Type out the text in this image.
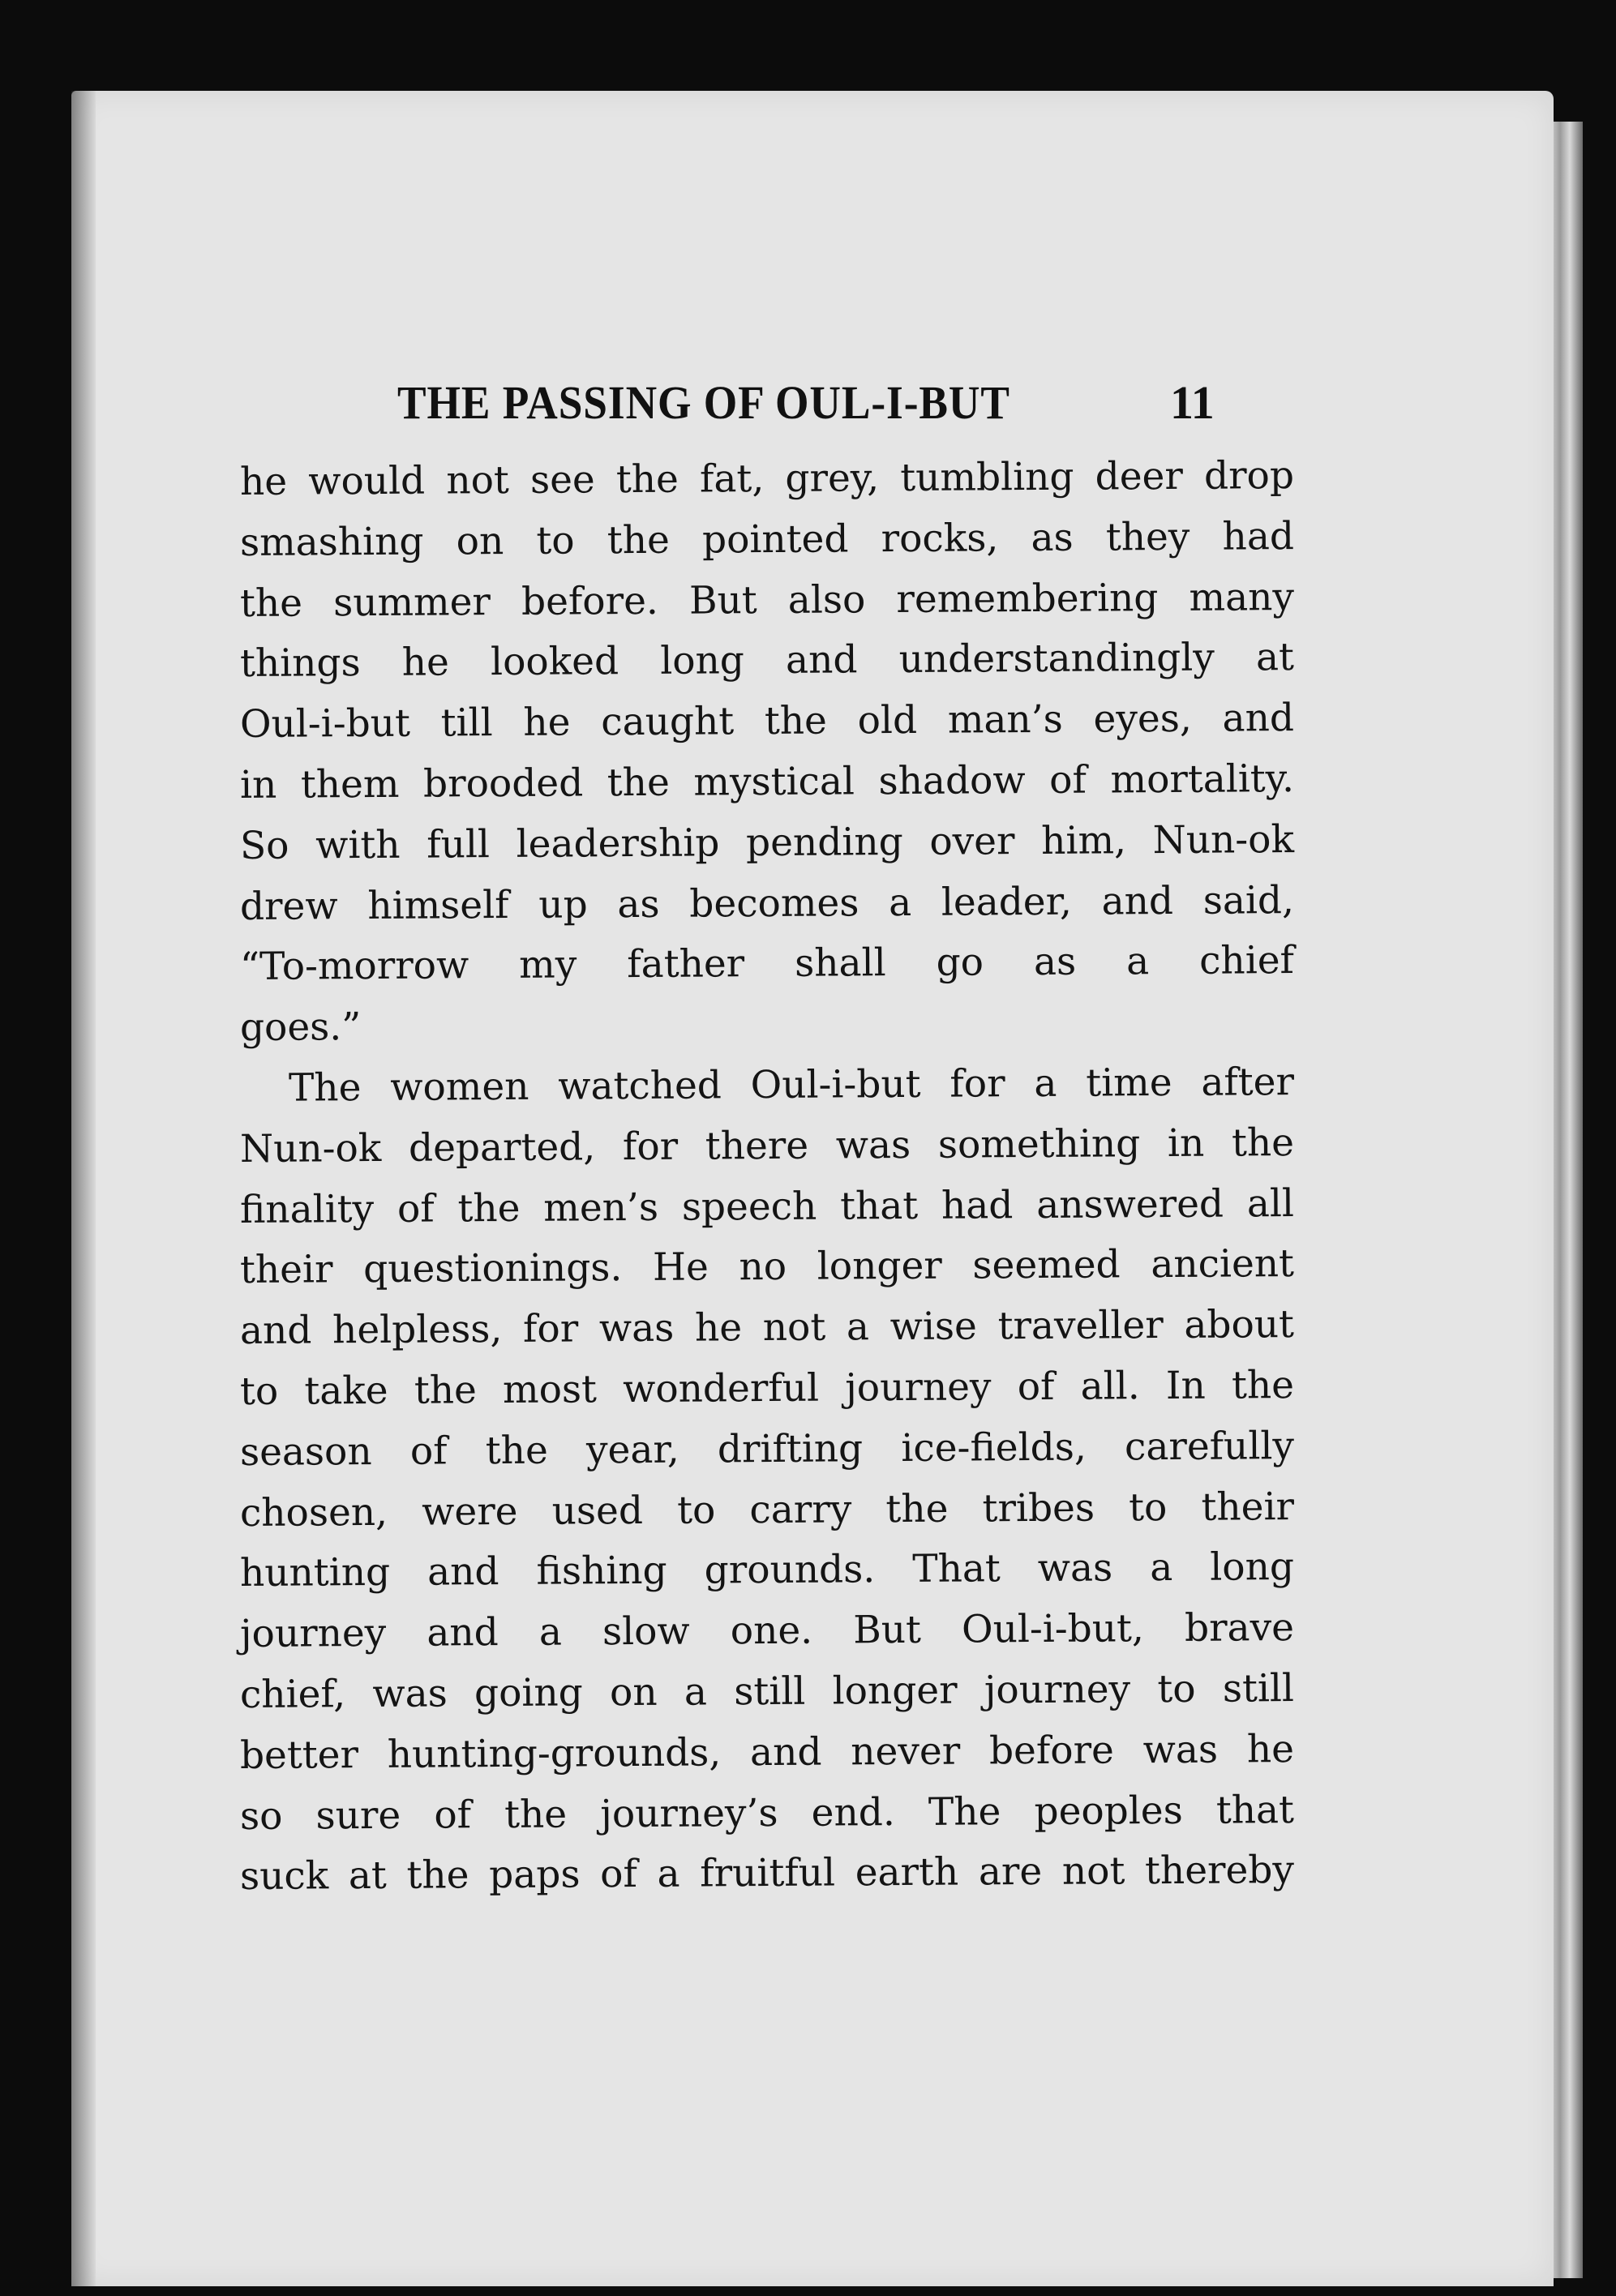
THE PASSING OF OUL-I-BUT	11
he would not see the fat, grey, tumbling deer drop
smashing on to the pointed rocks, as they had
the summer before. But also remembering many
things he looked long and understandingly at
Oul-i-but till he caught the old man’s eyes, and
in them brooded the mystical shadow of mortality.
So with full leadership pending over him, Nun-ok
drew himself up as becomes a leader, and said,
“To-morrow my father shall go as a chief
goes.”
The women watched Oul-i-but for a time after
Nun-ok departed, for there was something in the
finality of the men’s speech that had answered all
their questionings. He no longer seemed ancient
and helpless, for was he not a wise traveller about
to take the most wonderful journey of all. In the
season of the year, drifting ice-fields, carefully
chosen, were used to carry the tribes to their
hunting and fishing grounds. That was a long
journey and a slow one. But Oul-i-but, brave
chief, was going on a still longer journey to still
better hunting-grounds, and never before was he
so sure of the journey’s end. The peoples that
suck at the paps of a fruitful earth are not thereby
